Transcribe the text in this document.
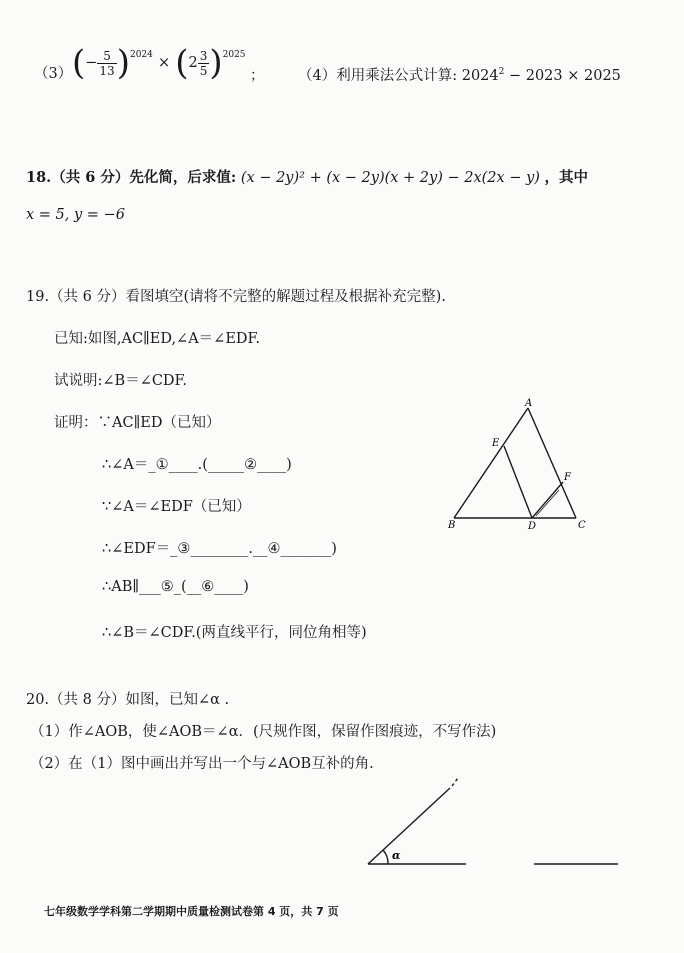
（3） (− $\frac{5}{13} )^{2024} \times (2 \frac{3}{5} )^{2025}$
； （4）利用乘法公式计算: $2024^2 - 2023 \times 2025$
18.（共 6 分）先化简，后求值: (x − 2y)² + (x − 2y)(x + 2y) − 2x(2x − y) ，其中
x = 5, y = −6
19.（共 6 分）看图填空(请将不完整的解题过程及根据补充完整).
已知:如图,AC∥ED,∠A＝∠EDF.
试说明:∠B＝∠CDF.
证明：∵AC∥ED（已知）
∴∠A＝_①____.(_____②____)
∵∠A＝∠EDF（已知）
∴∠EDF＝_③________.__④_______)
∴AB∥___⑤_(__⑥____)
∴∠B＝∠CDF.(两直线平行，同位角相等)
A
B	C
D
E
F
20.（共 8 分）如图，已知∠α .
（1）作∠AOB，使∠AOB＝∠α．(尺规作图，保留作图痕迹，不写作法)
（2）在（1）图中画出并写出一个与∠AOB互补的角.
α
七年级数学学科第二学期期中质量检测试卷第 4 页，共 7 页
